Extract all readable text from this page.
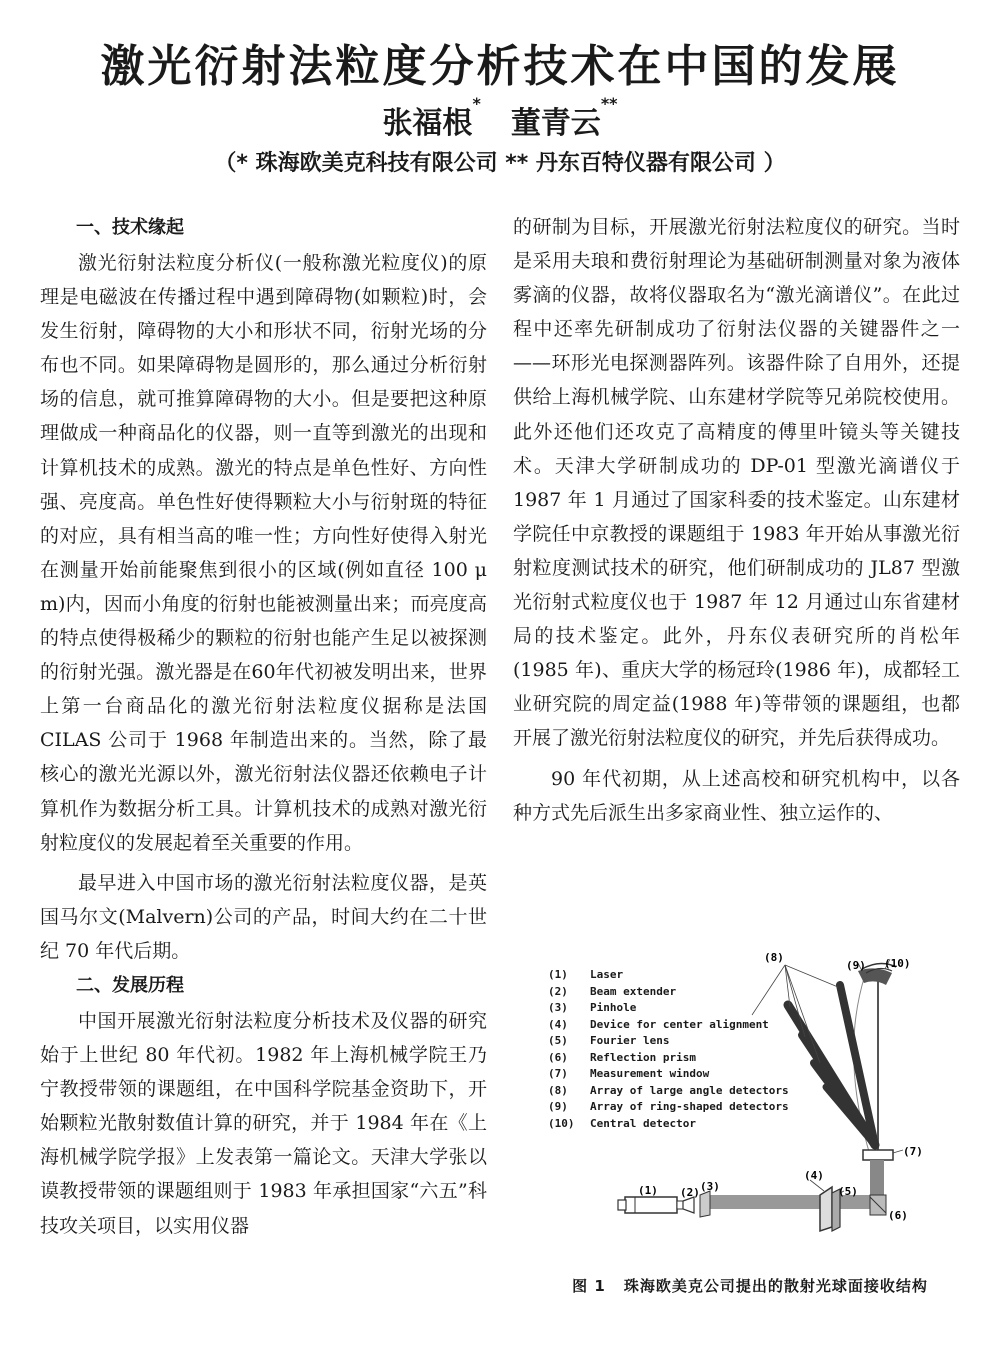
激光衍射法粒度分析技术在中国的发展
张福根*董青云**
（* 珠海欧美克科技有限公司 ** 丹东百特仪器有限公司 ）
一、技术缘起

激光衍射法粒度分析仪(一般称激光粒度仪)的原理是电磁波在传播过程中遇到障碍物(如颗粒)时，会发生衍射，障碍物的大小和形状不同，衍射光场的分布也不同。如果障碍物是圆形的，那么通过分析衍射场的信息，就可推算障碍物的大小。但是要把这种原理做成一种商品化的仪器，则一直等到激光的出现和计算机技术的成熟。激光的特点是单色性好、方向性强、亮度高。单色性好使得颗粒大小与衍射斑的特征的对应，具有相当高的唯一性；方向性好使得入射光在测量开始前能聚焦到很小的区域(例如直径 100 μ m)内，因而小角度的衍射也能被测量出来；而亮度高的特点使得极稀少的颗粒的衍射也能产生足以被探测的衍射光强。激光器是在60年代初被发明出来，世界上第一台商品化的激光衍射法粒度仪据称是法国 CILAS 公司于 1968 年制造出来的。当然，除了最核心的激光光源以外，激光衍射法仪器还依赖电子计算机作为数据分析工具。计算机技术的成熟对激光衍射粒度仪的发展起着至关重要的作用。

最早进入中国市场的激光衍射法粒度仪器，是英国马尔文(Malvern)公司的产品，时间大约在二十世纪 70 年代后期。

二、发展历程

中国开展激光衍射法粒度分析技术及仪器的研究始于上世纪 80 年代初。1982 年上海机械学院王乃宁教授带领的课题组，在中国科学院基金资助下，开始颗粒光散射数值计算的研究，并于 1984 年在《上海机械学院学报》上发表第一篇论文。天津大学张以谟教授带领的课题组则于 1983 年承担国家“六五”科技攻关项目，以实用仪器

的研制为目标，开展激光衍射法粒度仪的研究。当时是采用夫琅和费衍射理论为基础研制测量对象为液体雾滴的仪器，故将仪器取名为“激光滴谱仪”。在此过程中还率先研制成功了衍射法仪器的关键器件之一——环形光电探测器阵列。该器件除了自用外，还提供给上海机械学院、山东建材学院等兄弟院校使用。此外还他们还攻克了高精度的傅里叶镜头等关键技术。天津大学研制成功的 DP-01 型激光滴谱仪于 1987 年 1 月通过了国家科委的技术鉴定。山东建材学院任中京教授的课题组于 1983 年开始从事激光衍射粒度测试技术的研究，他们研制成功的 JL87 型激光衍射式粒度仪也于 1987 年 12 月通过山东省建材局的技术鉴定。此外，丹东仪表研究所的肖松年(1985 年)、重庆大学的杨冠玲(1986 年)，成都轻工业研究院的周定益(1988 年)等带领的课题组，也都开展了激光衍射法粒度仪的研究，并先后获得成功。

90 年代初期，从上述高校和研究机构中，以各种方式先后派生出多家商业性、独立运作的、

(8)
(9) (10)
(7)
(4)
(5)
(6)
(1) (2) (3)
(1) Laser
(2) Beam extender
(3) Pinhole
(4) Device for center alignment
(5) Fourier lens
(6) Reflection prism
(7) Measurement window
(8) Array of large angle detectors
(9) Array of ring-shaped detectors
(10) Central detector
图 1 珠海欧美克公司提出的散射光球面接收结构
